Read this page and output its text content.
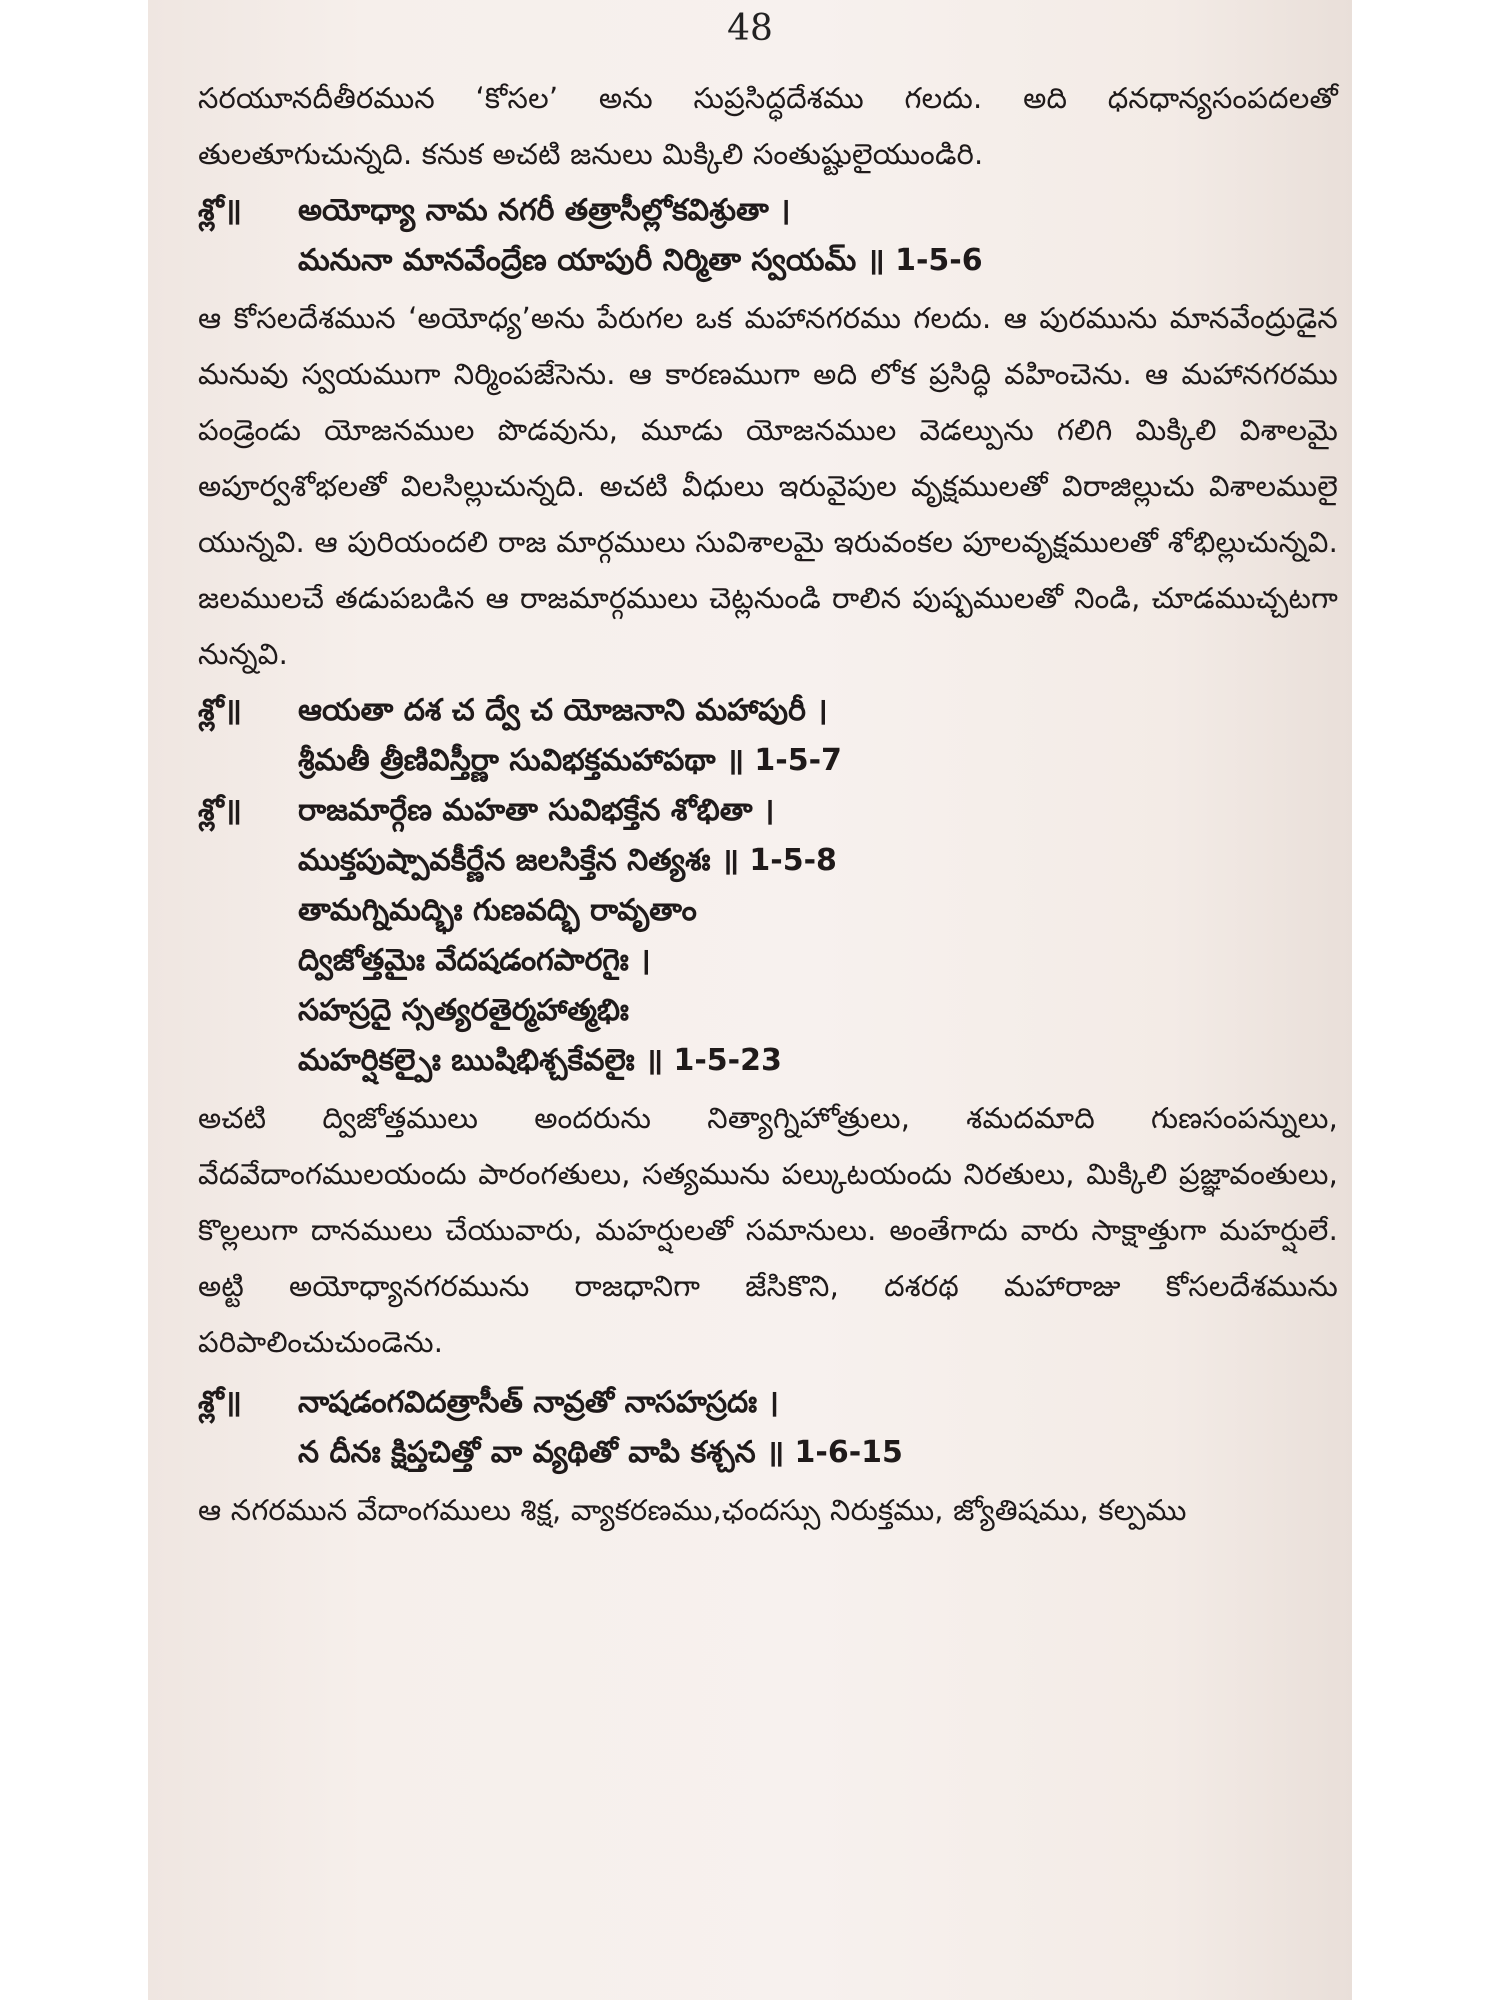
48

సరయూనదీతీరమున ‘కోసల’ అను సుప్రసిద్ధదేశము గలదు. అది ధనధాన్యసంపదలతో తులతూగుచున్నది. కనుక అచటి జనులు మిక్కిలి సంతుష్టులైయుండిరి.

శ్లో॥ అయోధ్యా నామ నగరీ తత్రాసీల్లోకవిశ్రుతా ।
మనునా మానవేంద్రేణ యాపురీ నిర్మితా స్వయమ్ ॥ 1-5-6

ఆ కోసలదేశమున ‘అయోధ్య’అను పేరుగల ఒక మహానగరము గలదు. ఆ పురమును మానవేంద్రుడైన మనువు స్వయముగా నిర్మింపజేసెను. ఆ కారణముగా అది లోక ప్రసిద్ధి వహించెను. ఆ మహానగరము పండ్రెండు యోజనముల పొడవును, మూడు యోజనముల వెడల్పును గలిగి మిక్కిలి విశాలమై అపూర్వశోభలతో విలసిల్లుచున్నది. అచటి వీధులు ఇరువైపుల వృక్షములతో విరాజిల్లుచు విశాలములై యున్నవి. ఆ పురియందలి రాజ మార్గములు సువిశాలమై ఇరువంకల పూలవృక్షములతో శోభిల్లుచున్నవి. జలములచే తడుపబడిన ఆ రాజమార్గములు చెట్లనుండి రాలిన పుష్పములతో నిండి, చూడముచ్చటగా నున్నవి.

శ్లో॥ ఆయతా దశ చ ద్వే చ యోజనాని మహాపురీ ।
శ్రీమతీ త్రీణివిస్తీర్ణా సువిభక్తమహాపథా ॥ 1-5-7
శ్లో॥ రాజమార్గేణ మహతా సువిభక్తేన శోభితా ।
ముక్తపుష్పావకీర్ణేన జలసిక్తేన నిత్యశః ॥ 1-5-8
తామగ్నిమద్భిః గుణవద్భి రావృతాం
ద్విజోత్తమైః వేదషడంగపారగైః ।
సహస్రదై స్సత్యరతైర్మహాత్మభిః
మహర్షికల్పైః ఋషిభిశ్చకేవలైః ॥ 1-5-23

అచటి ద్విజోత్తములు అందరును నిత్యాగ్నిహోత్రులు, శమదమాది గుణసంపన్నులు, వేదవేదాంగములయందు పారంగతులు, సత్యమును పల్కుటయందు నిరతులు, మిక్కిలి ప్రజ్ఞావంతులు, కొల్లలుగా దానములు చేయువారు, మహర్షులతో సమానులు. అంతేగాదు వారు సాక్షాత్తుగా మహర్షులే. అట్టి అయోధ్యానగరమును రాజధానిగా జేసికొని, దశరథ మహారాజు కోసలదేశమును పరిపాలించుచుండెను.

శ్లో॥ నాషడంగవిదత్రాసీత్ నావ్రతో నాసహస్రదః ।
న దీనః క్షిప్తచిత్తో వా వ్యథితో వాపి కశ్చన ॥ 1-6-15

ఆ నగరమున వేదాంగములు శిక్ష, వ్యాకరణము,ఛందస్సు నిరుక్తము, జ్యోతిషము, కల్పము
